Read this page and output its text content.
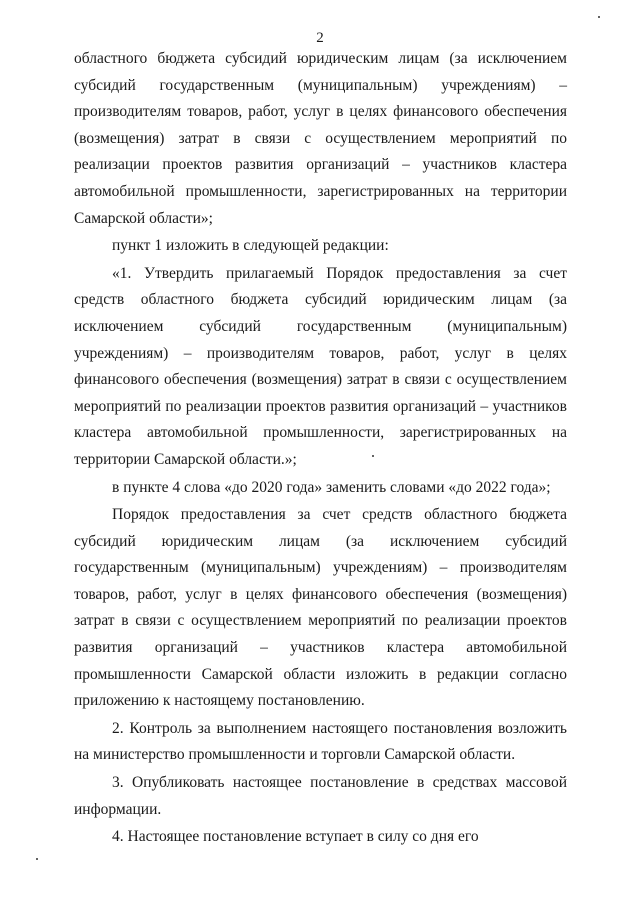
2

областного бюджета субсидий юридическим лицам (за исключением субсидий государственным (муниципальным) учреждениям) – производителям товаров, работ, услуг в целях финансового обеспечения (возмещения) затрат в связи с осуществлением мероприятий по реализации проектов развития организаций – участников кластера автомобильной промышленности, зарегистрированных на территории Самарской области»;

пункт 1 изложить в следующей редакции:

«1. Утвердить прилагаемый Порядок предоставления за счет средств областного бюджета субсидий юридическим лицам (за исключением субсидий государственным (муниципальным) учреждениям) – производителям товаров, работ, услуг в целях финансового обеспечения (возмещения) затрат в связи с осуществлением мероприятий по реализации проектов развития организаций – участников кластера автомобильной промышленности, зарегистрированных на территории Самарской области.»;

в пункте 4 слова «до 2020 года» заменить словами «до 2022 года»;

Порядок предоставления за счет средств областного бюджета субсидий юридическим лицам (за исключением субсидий государственным (муниципальным) учреждениям) – производителям товаров, работ, услуг в целях финансового обеспечения (возмещения) затрат в связи с осуществлением мероприятий по реализации проектов развития организаций – участников кластера автомобильной промышленности Самарской области изложить в редакции согласно приложению к настоящему постановлению.

2. Контроль за выполнением настоящего постановления возложить на министерство промышленности и торговли Самарской области.

3. Опубликовать настоящее постановление в средствах массовой информации.

4. Настоящее постановление вступает в силу со дня его
